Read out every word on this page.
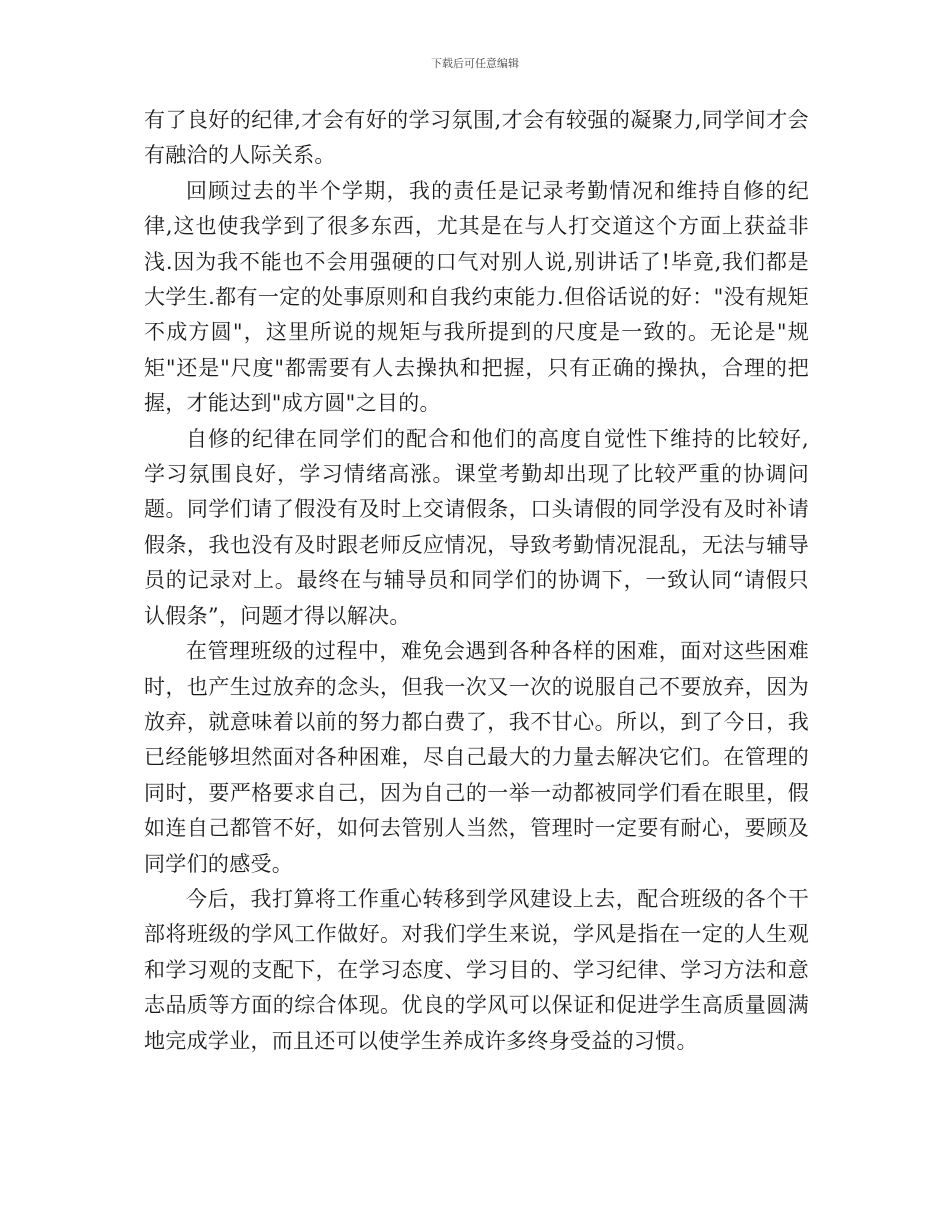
下载后可任意编辑

有了良好的纪律,才会有好的学习氛围,才会有较强的凝聚力,同学间才会有融洽的人际关系。

回顾过去的半个学期，我的责任是记录考勤情况和维持自修的纪律,这也使我学到了很多东西，尤其是在与人打交道这个方面上获益非浅.因为我不能也不会用强硬的口气对别人说,别讲话了!毕竟,我们都是大学生.都有一定的处事原则和自我约束能力.但俗话说的好："没有规矩不成方圆"，这里所说的规矩与我所提到的尺度是一致的。无论是"规矩"还是"尺度"都需要有人去操执和把握，只有正确的操执，合理的把握，才能达到"成方圆"之目的。

自修的纪律在同学们的配合和他们的高度自觉性下维持的比较好,学习氛围良好，学习情绪高涨。课堂考勤却出现了比较严重的协调问题。同学们请了假没有及时上交请假条，口头请假的同学没有及时补请假条，我也没有及时跟老师反应情况，导致考勤情况混乱，无法与辅导员的记录对上。最终在与辅导员和同学们的协调下，一致认同“请假只认假条”，问题才得以解决。

在管理班级的过程中，难免会遇到各种各样的困难，面对这些困难时，也产生过放弃的念头，但我一次又一次的说服自己不要放弃，因为放弃，就意味着以前的努力都白费了，我不甘心。所以，到了今日，我已经能够坦然面对各种困难，尽自己最大的力量去解决它们。在管理的同时，要严格要求自己，因为自己的一举一动都被同学们看在眼里，假如连自己都管不好，如何去管别人当然，管理时一定要有耐心，要顾及同学们的感受。

今后，我打算将工作重心转移到学风建设上去，配合班级的各个干部将班级的学风工作做好。对我们学生来说，学风是指在一定的人生观和学习观的支配下，在学习态度、学习目的、学习纪律、学习方法和意志品质等方面的综合体现。优良的学风可以保证和促进学生高质量圆满地完成学业，而且还可以使学生养成许多终身受益的习惯。
